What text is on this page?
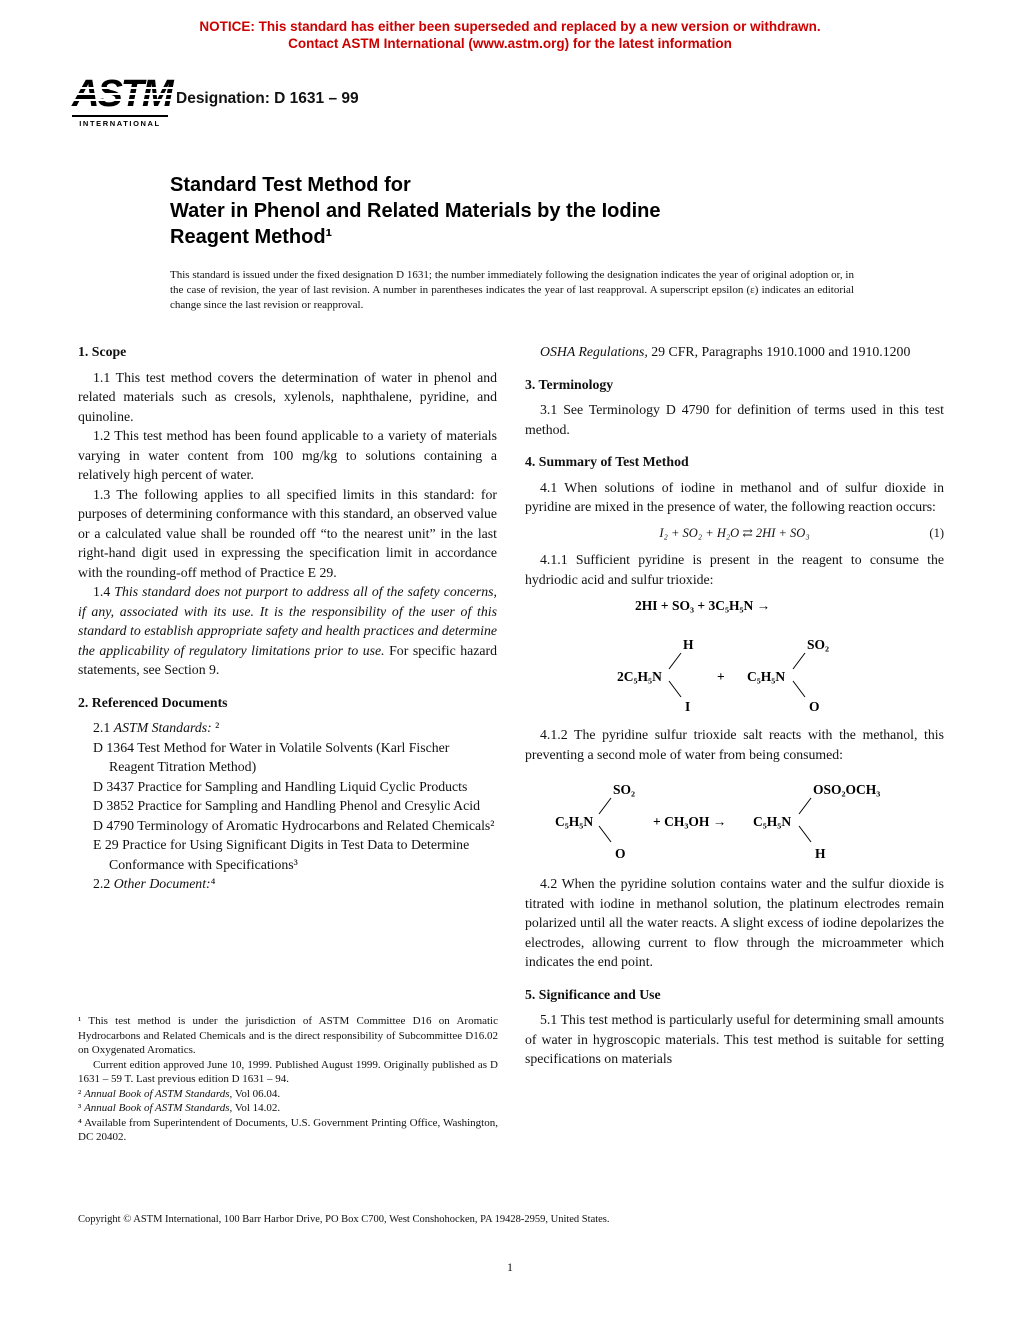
NOTICE: This standard has either been superseded and replaced by a new version or withdrawn.
Contact ASTM International (www.astm.org) for the latest information
INTERNATIONAL
Designation: D 1631 – 99
Standard Test Method for
Water in Phenol and Related Materials by the Iodine
Reagent Method¹

This standard is issued under the fixed designation D 1631; the number immediately following the designation indicates the year of original adoption or, in the case of revision, the year of last revision. A number in parentheses indicates the year of last reapproval. A superscript epsilon (ε) indicates an editorial change since the last revision or reapproval.

1. Scope

1.1 This test method covers the determination of water in phenol and related materials such as cresols, xylenols, naphthalene, pyridine, and quinoline.

1.2 This test method has been found applicable to a variety of materials varying in water content from 100 mg/kg to solutions containing a relatively high percent of water.

1.3 The following applies to all specified limits in this standard: for purposes of determining conformance with this standard, an observed value or a calculated value shall be rounded off “to the nearest unit” in the last right-hand digit used in expressing the specification limit in accordance with the rounding-off method of Practice E 29.

1.4 This standard does not purport to address all of the safety concerns, if any, associated with its use. It is the responsibility of the user of this standard to establish appropriate safety and health practices and determine the applicability of regulatory limitations prior to use. For specific hazard statements, see Section 9.

2. Referenced Documents

2.1 ASTM Standards: ²

D 1364 Test Method for Water in Volatile Solvents (Karl Fischer Reagent Titration Method)

D 3437 Practice for Sampling and Handling Liquid Cyclic Products

D 3852 Practice for Sampling and Handling Phenol and Cresylic Acid

D 4790 Terminology of Aromatic Hydrocarbons and Related Chemicals²

E 29 Practice for Using Significant Digits in Test Data to Determine Conformance with Specifications³

2.2 Other Document:⁴

OSHA Regulations, 29 CFR, Paragraphs 1910.1000 and 1910.1200

3. Terminology

3.1 See Terminology D 4790 for definition of terms used in this test method.

4. Summary of Test Method

4.1 When solutions of iodine in methanol and of sulfur dioxide in pyridine are mixed in the presence of water, the following reaction occurs:

I₂ + SO₂ + H₂O ⇄ 2HI + SO₃	(1)

4.1.1 Sufficient pyridine is present in the reagent to consume the hydriodic acid and sulfur trioxide:

2HI + SO₃ + 3C₅H₅N →
H
2C₅H₅N
I
+ C₅H₅N
SO₂
O

4.1.2 The pyridine sulfur trioxide salt reacts with the methanol, this preventing a second mole of water from being consumed:

SO₂
C₅H₅N
O
+ CH₃OH → C₅H₅N
OSO₂OCH₃
H

4.2 When the pyridine solution contains water and the sulfur dioxide is titrated with iodine in methanol solution, the platinum electrodes remain polarized until all the water reacts. A slight excess of iodine depolarizes the electrodes, allowing current to flow through the microammeter which indicates the end point.

5. Significance and Use

5.1 This test method is particularly useful for determining small amounts of water in hygroscopic materials. This test method is suitable for setting specifications on materials

¹ This test method is under the jurisdiction of ASTM Committee D16 on Aromatic Hydrocarbons and Related Chemicals and is the direct responsibility of Subcommittee D16.02 on Oxygenated Aromatics.

Current edition approved June 10, 1999. Published August 1999. Originally published as D 1631 – 59 T. Last previous edition D 1631 – 94.

² Annual Book of ASTM Standards, Vol 06.04.

³ Annual Book of ASTM Standards, Vol 14.02.

⁴ Available from Superintendent of Documents, U.S. Government Printing Office, Washington, DC 20402.

Copyright © ASTM International, 100 Barr Harbor Drive, PO Box C700, West Conshohocken, PA 19428-2959, United States.
1
